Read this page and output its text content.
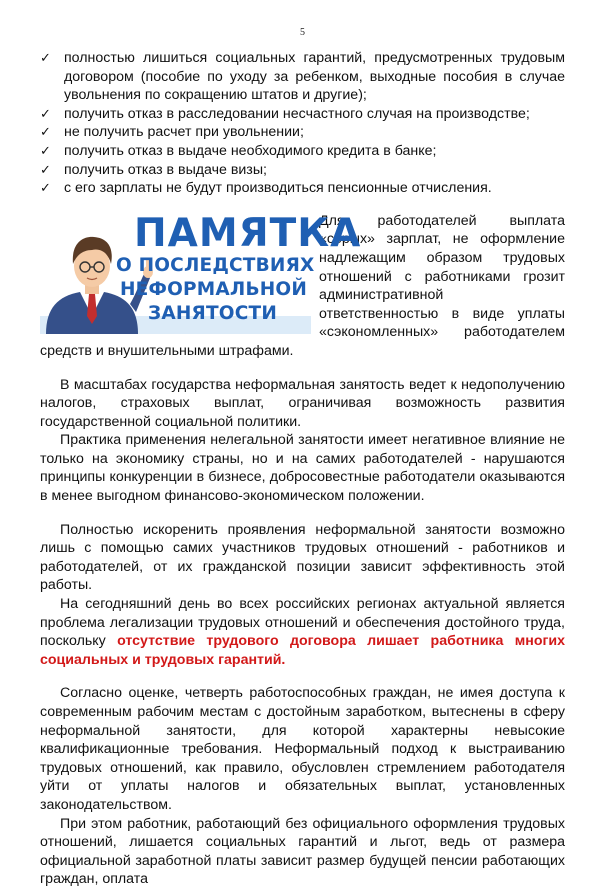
5
✓ полностью лишиться социальных гарантий, предусмотренных трудовым договором (пособие по уходу за ребенком, выходные пособия в случае увольнения по сокращению штатов и другие);
✓ получить отказ в расследовании несчастного случая на производстве;
✓ не получить расчет при увольнении;
✓ получить отказ в выдаче необходимого кредита в банке;
✓ получить отказ в выдаче визы;
✓ с его зарплаты не будут производиться пенсионные отчисления.
ПАМЯТКА
О ПОСЛЕДСТВИЯХ
НЕФОРМАЛЬНОЙ
ЗАНЯТОСТИ

Для работодателей выплата «серых» зарплат, не оформление надлежащим образом трудовых отношений с работниками грозит административной ответственностью в виде уплаты «сэкономленных» работодателем средств и внушительными штрафами.

В масштабах государства неформальная занятость ведет к недополучению налогов, страховых выплат, ограничивая возможность развития государственной социальной политики.

Практика применения нелегальной занятости имеет негативное влияние не только на экономику страны, но и на самих работодателей - нарушаются принципы конкуренции в бизнесе, добросовестные работодатели оказываются в менее выгодном финансово-экономическом положении.

Полностью искоренить проявления неформальной занятости возможно лишь с помощью самих участников трудовых отношений - работников и работодателей, от их гражданской позиции зависит эффективность этой работы.

На сегодняшний день во всех российских регионах актуальной является проблема легализации трудовых отношений и обеспечения достойного труда, поскольку отсутствие трудового договора лишает работника многих социальных и трудовых гарантий.

Согласно оценке, четверть работоспособных граждан, не имея доступа к современным рабочим местам с достойным заработком, вытеснены в сферу неформальной занятости, для которой характерны невысокие квалификационные требования. Неформальный подход к выстраиванию трудовых отношений, как правило, обусловлен стремлением работодателя уйти от уплаты налогов и обязательных выплат, установленных законодательством.

При этом работник, работающий без официального оформления трудовых отношений, лишается социальных гарантий и льгот, ведь от размера официальной заработной платы зависит размер будущей пенсии работающих граждан, оплата
